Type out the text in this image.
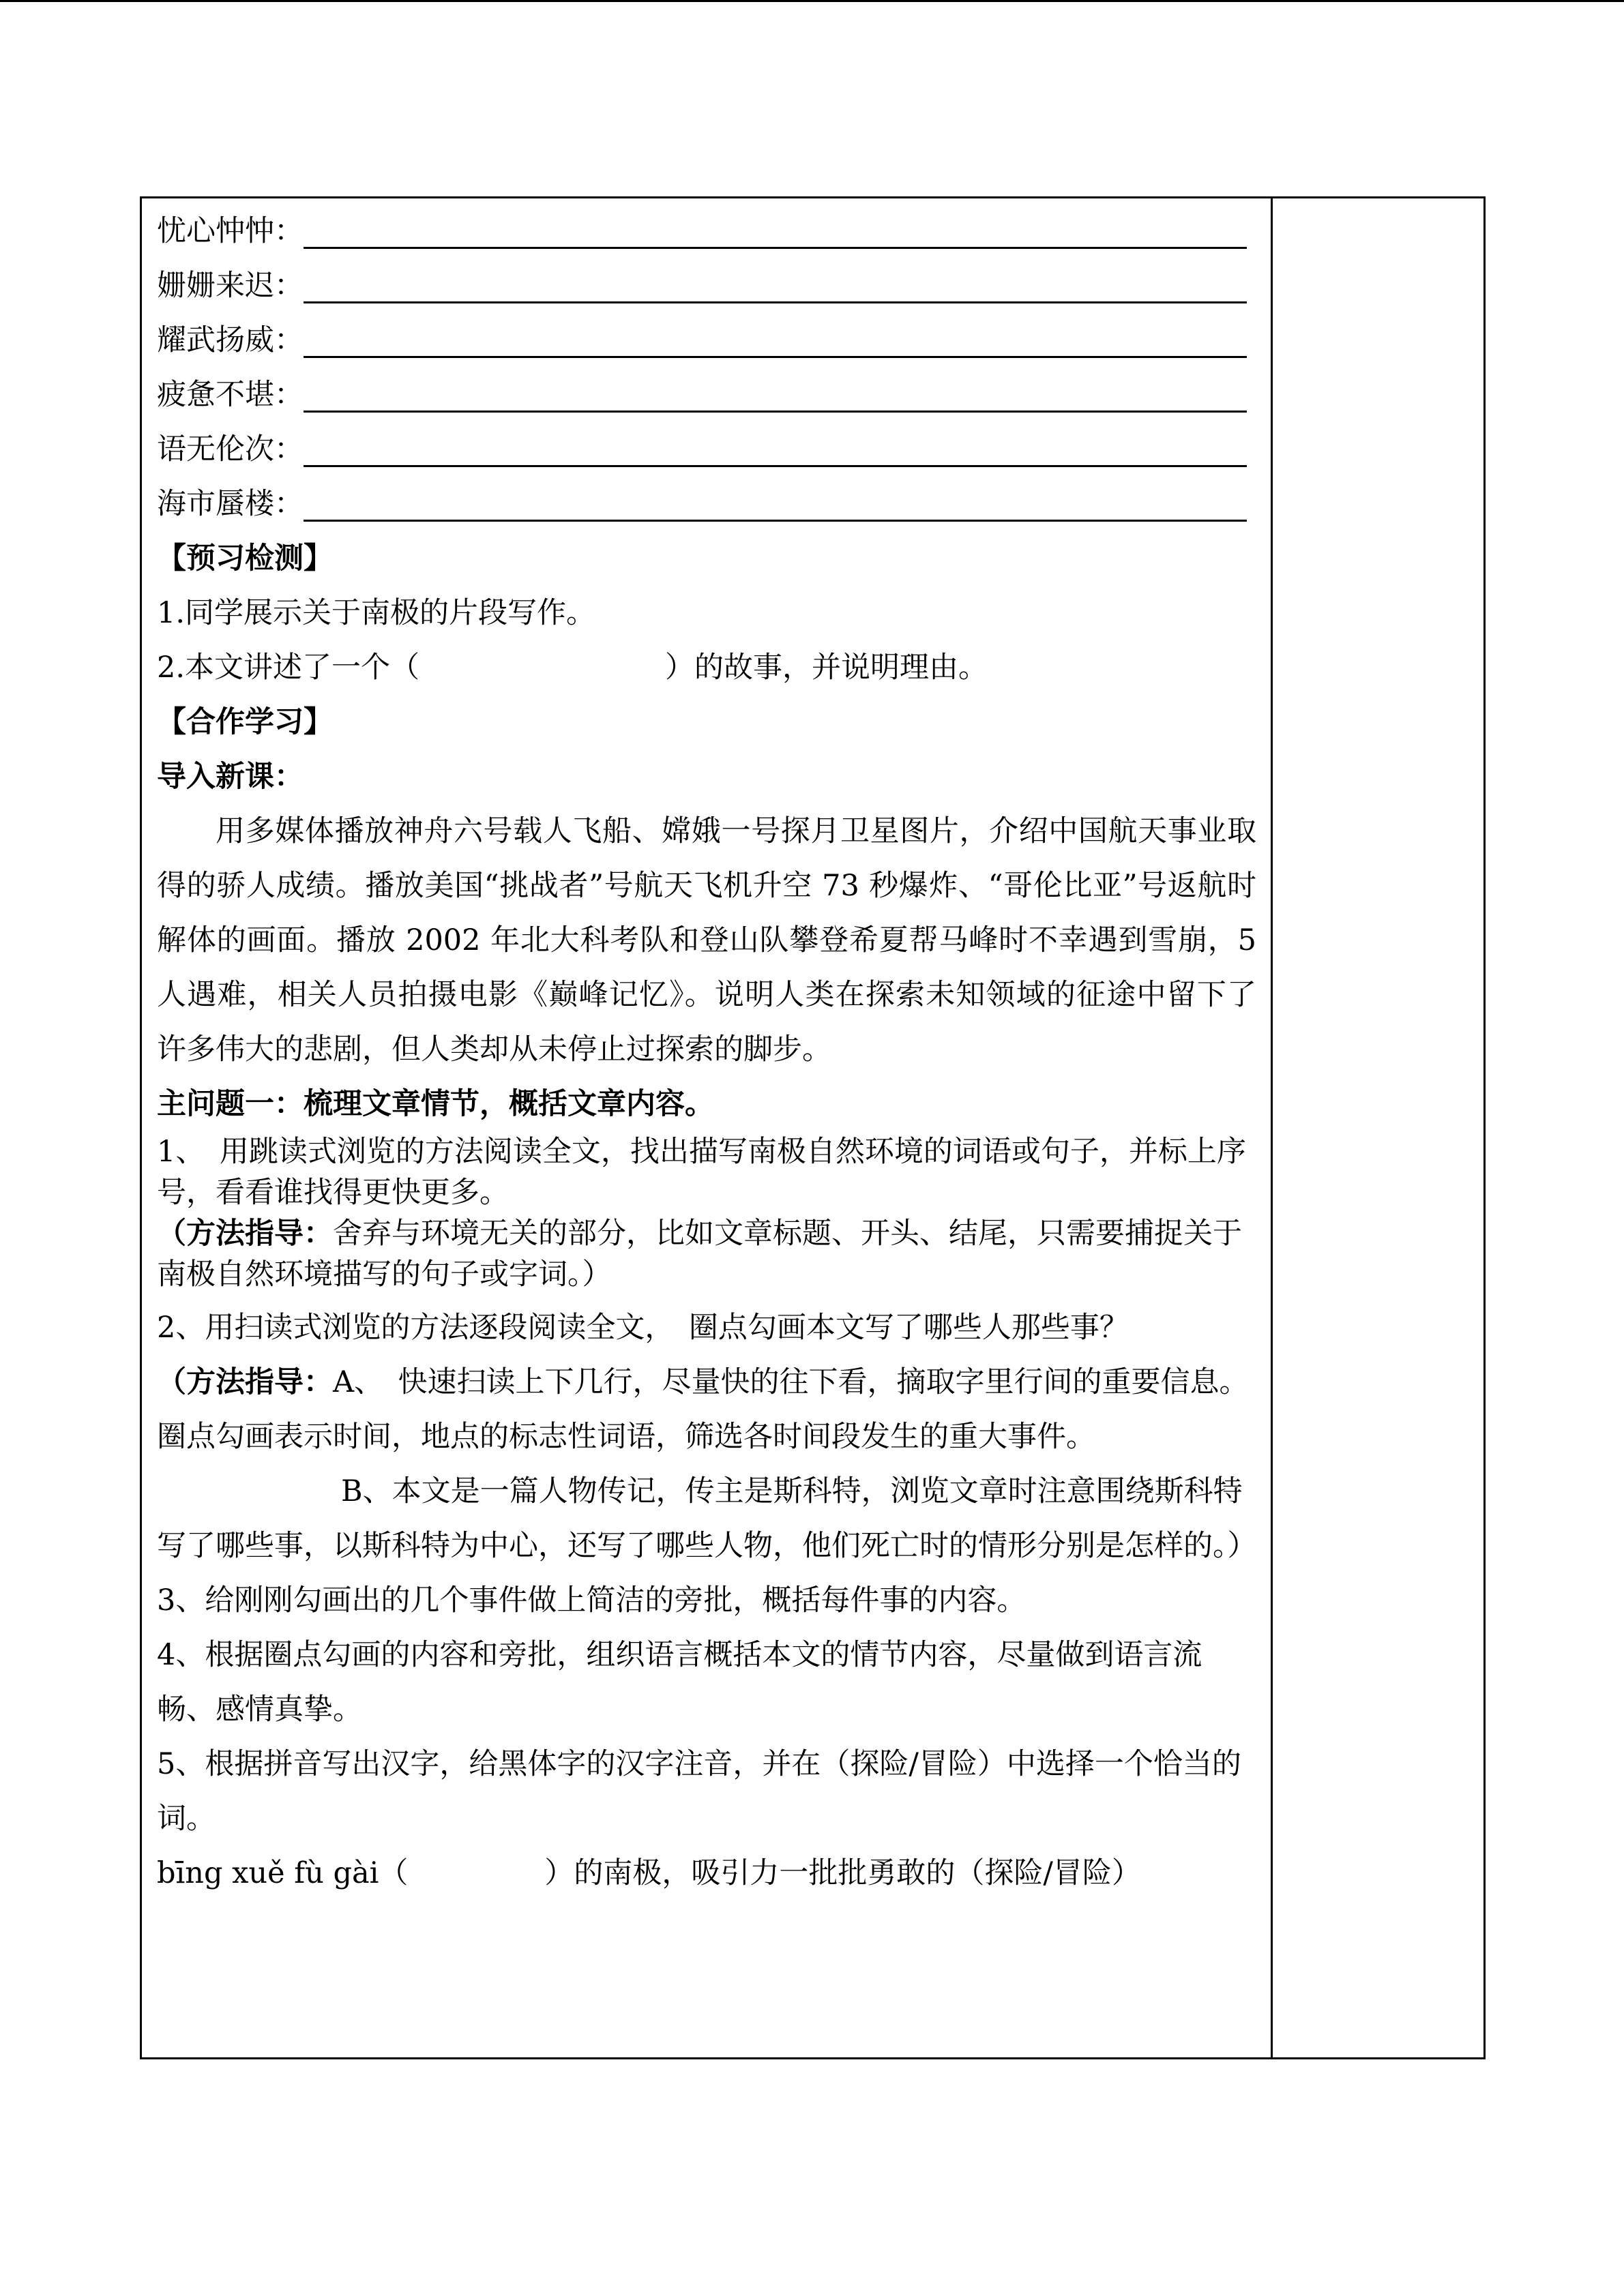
忧心忡忡：
姗姗来迟：
耀武扬威：
疲惫不堪：
语无伦次：
海市蜃楼：
【预习检测】
1.同学展示关于南极的片段写作。
2.本文讲述了一个（	）的故事，并说明理由。
【合作学习】
导入新课：
用多媒体播放神舟六号载人飞船、嫦娥一号探月卫星图片，介绍中国航天事业取得的骄人成绩。播放美国“挑战者”号航天飞机升空 73 秒爆炸、“哥伦比亚”号返航时解体的画面。播放 2002 年北大科考队和登山队攀登希夏帮马峰时不幸遇到雪崩，5 人遇难，相关人员拍摄电影《巅峰记忆》。说明人类在探索未知领域的征途中留下了许多伟大的悲剧，但人类却从未停止过探索的脚步。
主问题一：梳理文章情节，概括文章内容。
1、　用跳读式浏览的方法阅读全文，找出描写南极自然环境的词语或句子，并标上序号，看看谁找得更快更多。
（方法指导：舍弃与环境无关的部分，比如文章标题、开头、结尾，只需要捕捉关于南极自然环境描写的句子或字词。）
2、用扫读式浏览的方法逐段阅读全文，　圈点勾画本文写了哪些人那些事？
（方法指导：A、　快速扫读上下几行，尽量快的往下看，摘取字里行间的重要信息。圈点勾画表示时间，地点的标志性词语，筛选各时间段发生的重大事件。
B、本文是一篇人物传记，传主是斯科特，浏览文章时注意围绕斯科特写了哪些事，以斯科特为中心，还写了哪些人物，他们死亡时的情形分别是怎样的。）
3、给刚刚勾画出的几个事件做上简洁的旁批，概括每件事的内容。
4、根据圈点勾画的内容和旁批，组织语言概括本文的情节内容，尽量做到语言流畅、感情真挚。
5、根据拼音写出汉字，给黑体字的汉字注音，并在（探险/冒险）中选择一个恰当的词。
bīng xuě fù gài（	）的南极，吸引力一批批勇敢的（探险/冒险）
